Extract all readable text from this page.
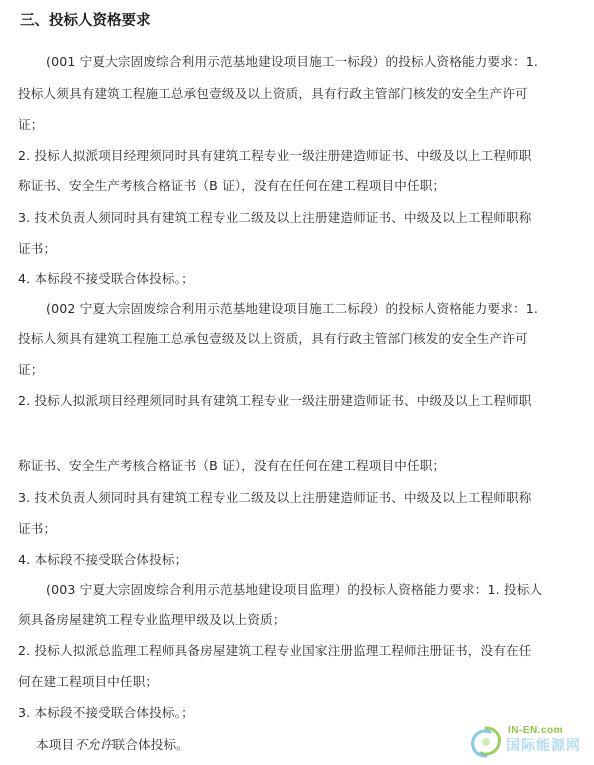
三、投标人资格要求

(001 宁夏大宗固废综合利用示范基地建设项目施工一标段）的投标人资格能力要求：1.

投标人须具有建筑工程施工总承包壹级及以上资质，具有行政主管部门核发的安全生产许可

证；

2. 投标人拟派项目经理须同时具有建筑工程专业一级注册建造师证书、中级及以上工程师职

称证书、安全生产考核合格证书（B 证），没有在任何在建工程项目中任职；

3. 技术负责人须同时具有建筑工程专业二级及以上注册建造师证书、中级及以上工程师职称

证书；

4. 本标段不接受联合体投标。；

(002 宁夏大宗固废综合利用示范基地建设项目施工二标段）的投标人资格能力要求：1.

投标人须具有建筑工程施工总承包壹级及以上资质，具有行政主管部门核发的安全生产许可

证；

2. 投标人拟派项目经理须同时具有建筑工程专业一级注册建造师证书、中级及以上工程师职

称证书、安全生产考核合格证书（B 证），没有在任何在建工程项目中任职；

3. 技术负责人须同时具有建筑工程专业二级及以上注册建造师证书、中级及以上工程师职称

证书；

4. 本标段不接受联合体投标；

(003 宁夏大宗固废综合利用示范基地建设项目监理）的投标人资格能力要求：1. 投标人

须具备房屋建筑工程专业监理甲级及以上资质；

2. 投标人拟派总监理工程师具备房屋建筑工程专业国家注册监理工程师注册证书，没有在任

何在建工程项目中任职；

3. 本标段不接受联合体投标。；

本项目不允许联合体投标。

IN-EN.com
国际能源网
